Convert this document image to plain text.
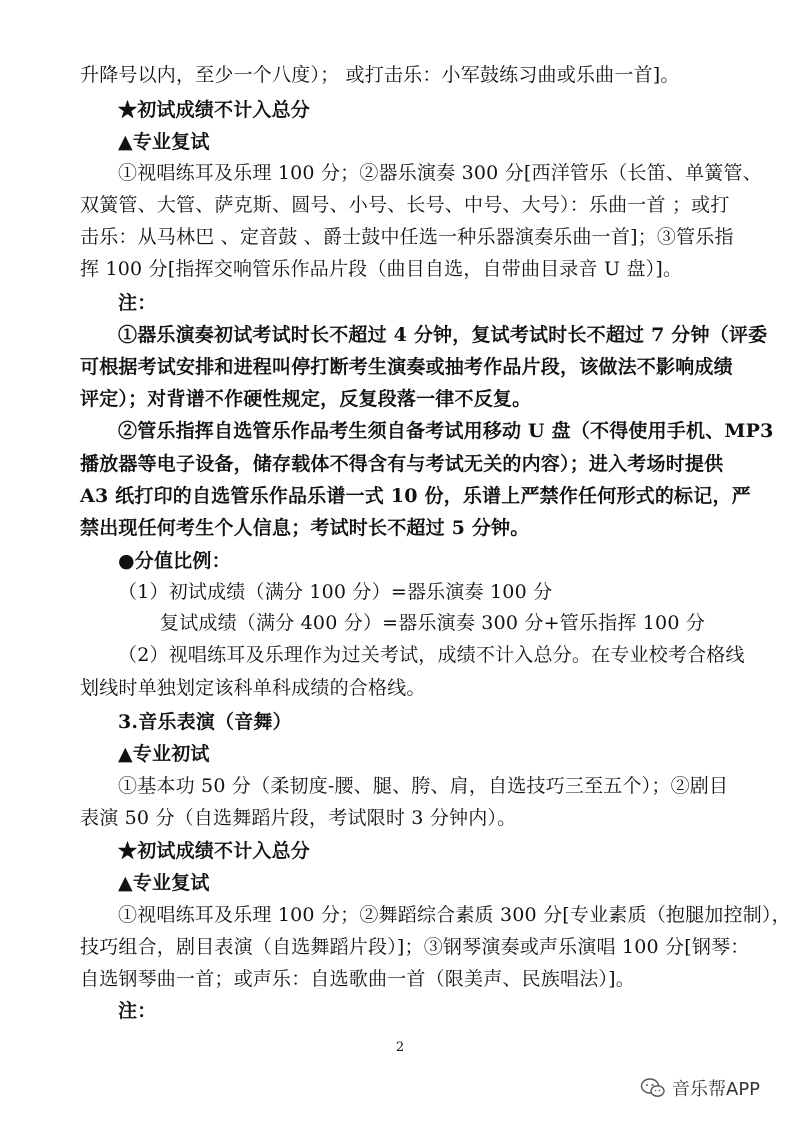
升降号以内，至少一个八度）； 或打击乐：小军鼓练习曲或乐曲一首]。
★初试成绩不计入总分
▲专业复试
①视唱练耳及乐理 100 分；②器乐演奏 300 分[西洋管乐（长笛、单簧管、
双簧管、大管、萨克斯、圆号、小号、长号、中号、大号）：乐曲一首 ；或打
击乐：从马林巴 、定音鼓 、爵士鼓中任选一种乐器演奏乐曲一首]；③管乐指
挥 100 分[指挥交响管乐作品片段（曲目自选，自带曲目录音 U 盘）]。
注：
①器乐演奏初试考试时长不超过 4 分钟，复试考试时长不超过 7 分钟（评委
可根据考试安排和进程叫停打断考生演奏或抽考作品片段，该做法不影响成绩
评定）；对背谱不作硬性规定，反复段落一律不反复。
②管乐指挥自选管乐作品考生须自备考试用移动 U 盘（不得使用手机、MP3
播放器等电子设备，储存载体不得含有与考试无关的内容）；进入考场时提供
A3 纸打印的自选管乐作品乐谱一式 10 份，乐谱上严禁作任何形式的标记，严
禁出现任何考生个人信息；考试时长不超过 5 分钟。
●分值比例：
（1）初试成绩（满分 100 分）=器乐演奏 100 分
复试成绩（满分 400 分）=器乐演奏 300 分+管乐指挥 100 分
（2）视唱练耳及乐理作为过关考试，成绩不计入总分。在专业校考合格线
划线时单独划定该科单科成绩的合格线。
3.音乐表演（音舞）
▲专业初试
①基本功 50 分（柔韧度-腰、腿、胯、肩，自选技巧三至五个）；②剧目
表演 50 分（自选舞蹈片段，考试限时 3 分钟内）。
★初试成绩不计入总分
▲专业复试
①视唱练耳及乐理 100 分；②舞蹈综合素质 300 分[专业素质（抱腿加控制），
技巧组合，剧目表演（自选舞蹈片段）]；③钢琴演奏或声乐演唱 100 分[钢琴：
自选钢琴曲一首；或声乐：自选歌曲一首（限美声、民族唱法）]。
注：
2
音乐帮APP
